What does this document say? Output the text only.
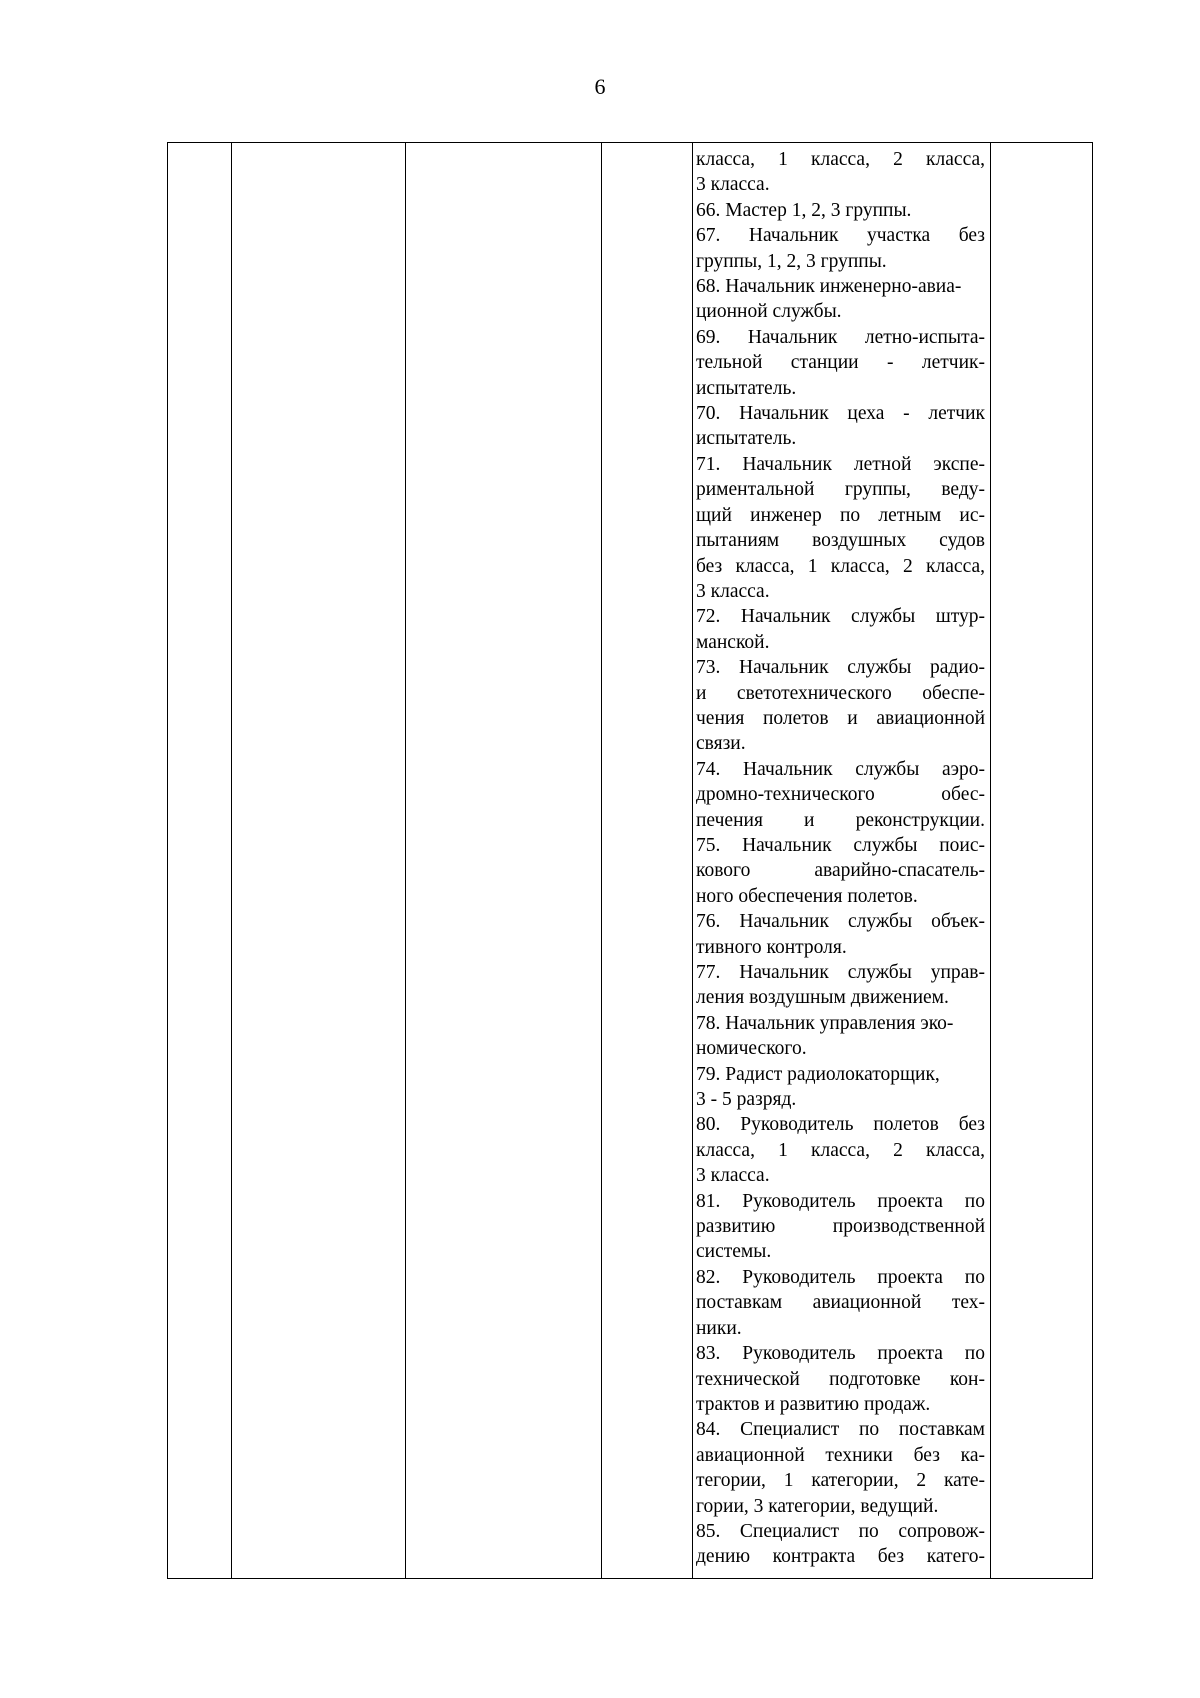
6
класса, 1 класса, 2 класса,
3 класса.
66. Мастер 1, 2, 3 группы.
67. Начальник участка без
группы, 1, 2, 3 группы.
68. Начальник инженерно-авиа-
ционной службы.
69. Начальник летно-испыта-
тельной станции - летчик-
испытатель.
70. Начальник цеха - летчик
испытатель.
71. Начальник летной экспе-
риментальной группы, веду-
щий инженер по летным ис-
пытаниям воздушных судов
без класса, 1 класса, 2 класса,
3 класса.
72. Начальник службы штур-
манской.
73. Начальник службы радио-
и светотехнического обеспе-
чения полетов и авиационной
связи.
74. Начальник службы аэро-
дромно-технического обес-
печения и реконструкции.
75. Начальник службы поис-
кового аварийно-спасатель-
ного обеспечения полетов.
76. Начальник службы объек-
тивного контроля.
77. Начальник службы управ-
ления воздушным движением.
78. Начальник управления эко-
номического.
79. Радист радиолокаторщик,
3 - 5 разряд.
80. Руководитель полетов без
класса, 1 класса, 2 класса,
3 класса.
81. Руководитель проекта по
развитию производственной
системы.
82. Руководитель проекта по
поставкам авиационной тех-
ники.
83. Руководитель проекта по
технической подготовке кон-
трактов и развитию продаж.
84. Специалист по поставкам
авиационной техники без ка-
тегории, 1 категории, 2 кате-
гории, 3 категории, ведущий.
85. Специалист по сопровож-
дению контракта без катего-
